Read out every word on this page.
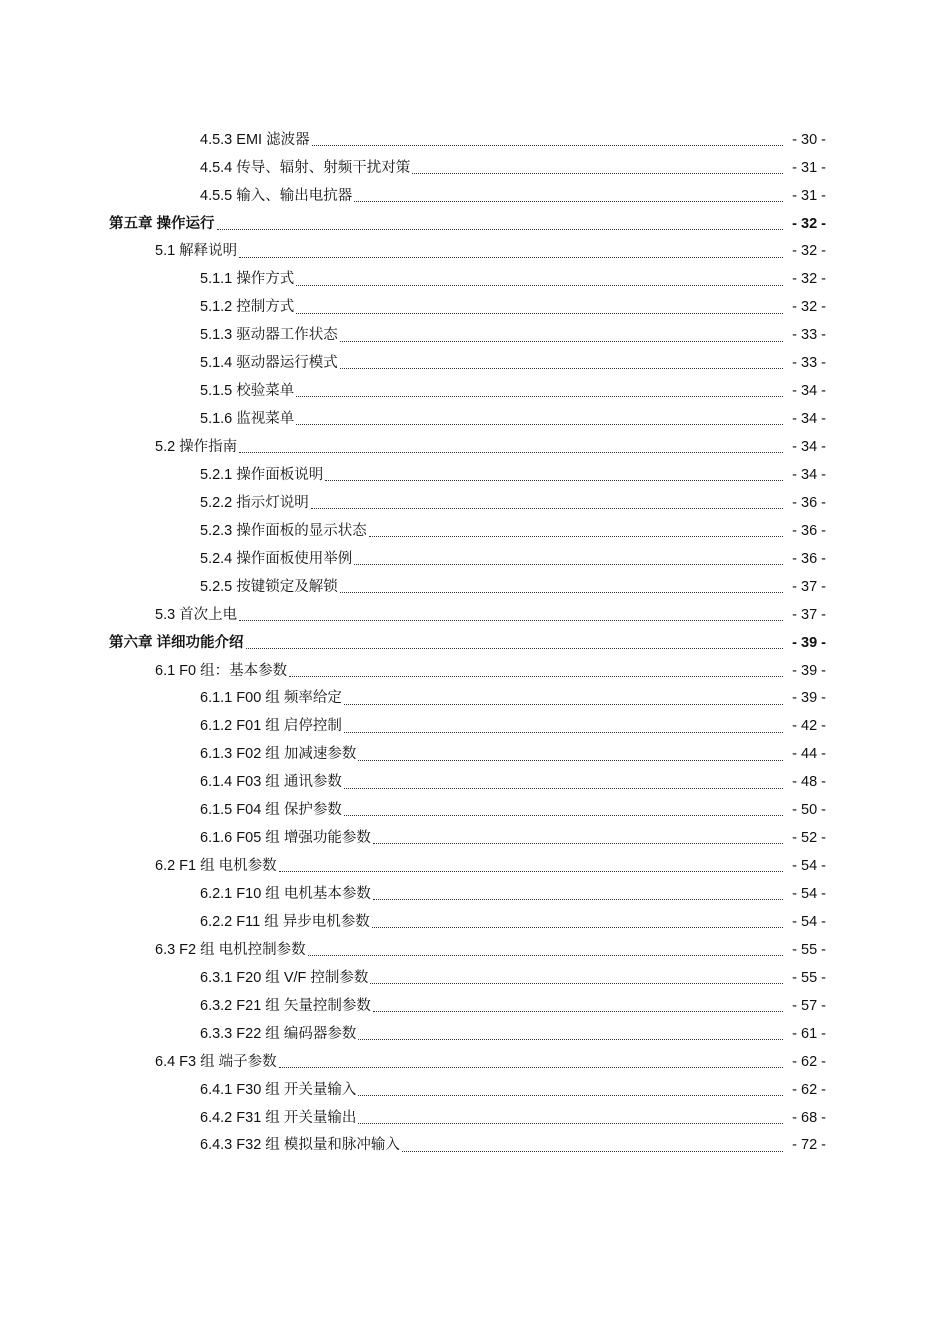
4.5.3 EMI 滤波器	- 30 -
4.5.4 传导、辐射、射频干扰对策	- 31 -
4.5.5 输入、输出电抗器	- 31 -
第五章 操作运行	- 32 -
5.1 解释说明	- 32 -
5.1.1 操作方式	- 32 -
5.1.2 控制方式	- 32 -
5.1.3 驱动器工作状态	- 33 -
5.1.4 驱动器运行模式	- 33 -
5.1.5 校验菜单	- 34 -
5.1.6 监视菜单	- 34 -
5.2 操作指南	- 34 -
5.2.1 操作面板说明	- 34 -
5.2.2 指示灯说明	- 36 -
5.2.3 操作面板的显示状态	- 36 -
5.2.4 操作面板使用举例	- 36 -
5.2.5 按键锁定及解锁	- 37 -
5.3 首次上电	- 37 -
第六章 详细功能介绍	- 39 -
6.1 F0 组：基本参数	- 39 -
6.1.1 F00 组 频率给定	- 39 -
6.1.2 F01 组 启停控制	- 42 -
6.1.3 F02 组 加减速参数	- 44 -
6.1.4 F03 组 通讯参数	- 48 -
6.1.5 F04 组 保护参数	- 50 -
6.1.6 F05 组 增强功能参数	- 52 -
6.2 F1 组 电机参数	- 54 -
6.2.1 F10 组 电机基本参数	- 54 -
6.2.2 F11 组 异步电机参数	- 54 -
6.3 F2 组 电机控制参数	- 55 -
6.3.1 F20 组 V/F 控制参数	- 55 -
6.3.2 F21 组 矢量控制参数	- 57 -
6.3.3 F22 组 编码器参数	- 61 -
6.4 F3 组 端子参数	- 62 -
6.4.1 F30 组 开关量输入	- 62 -
6.4.2 F31 组 开关量输出	- 68 -
6.4.3 F32 组 模拟量和脉冲输入	- 72 -
